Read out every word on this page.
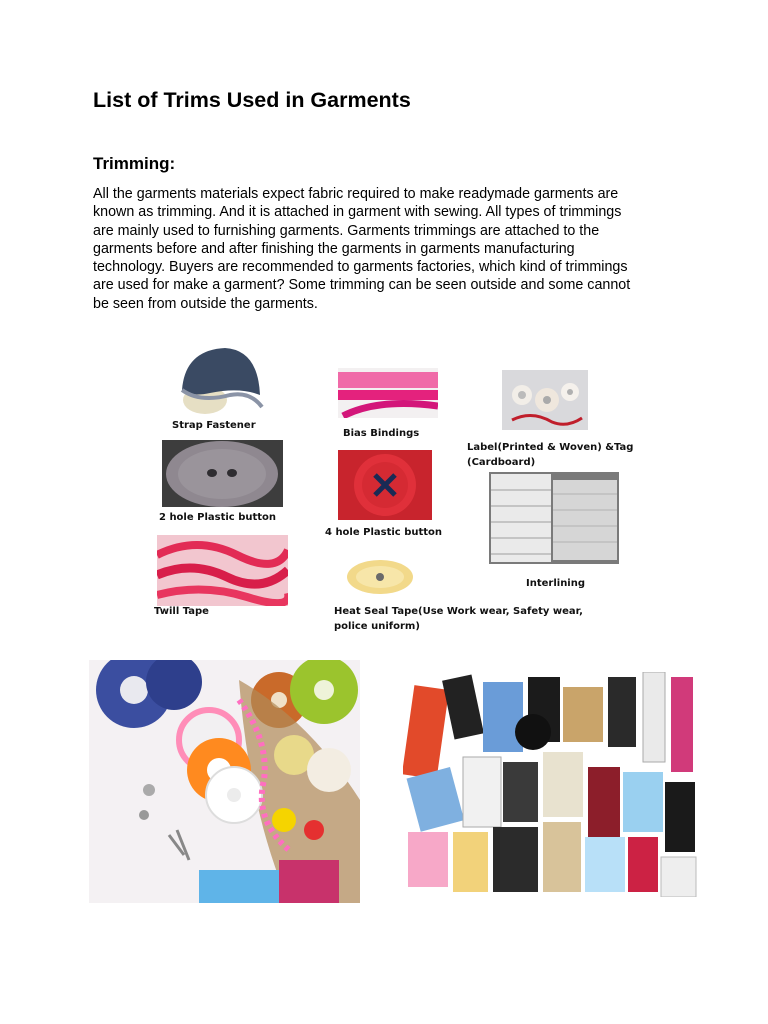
List of Trims Used in Garments
Trimming:

All the garments materials expect fabric required to make readymade garments are
known as trimming. And it is attached in garment with sewing. All types of trimmings
are mainly used to furnishing garments. Garments trimmings are attached to the
garments before and after finishing the garments in garments manufacturing
technology. Buyers are recommended to garments factories, which kind of trimmings
are used for make a garment? Some trimming can be seen outside and some cannot
be seen from outside the garments.

Strap Fastener

Bias Bindings

Label(Printed & Woven) &Tag
(Cardboard)

2 hole Plastic button

4 hole Plastic button

Interlining

Twill Tape	Heat Seal Tape(Use Work wear, Safety wear,
police uniform)
